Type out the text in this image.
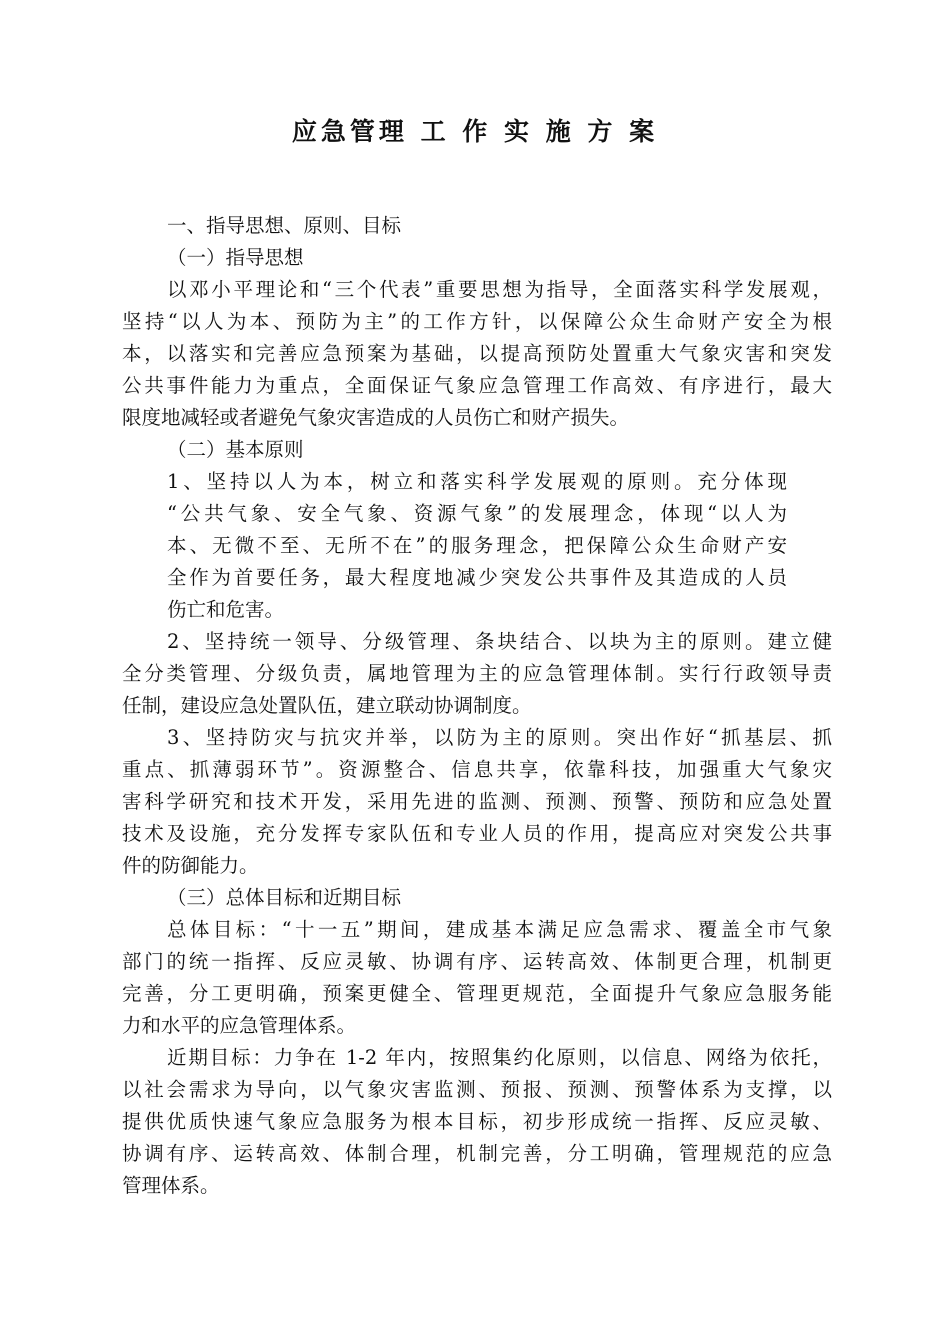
应急管理 工 作 实 施 方 案
一、指导思想、原则、目标
（一）指导思想
以邓小平理论和“三个代表”重要思想为指导，全面落实科学发展观，
坚持“以人为本、预防为主”的工作方针，以保障公众生命财产安全为根
本，以落实和完善应急预案为基础，以提高预防处置重大气象灾害和突发
公共事件能力为重点，全面保证气象应急管理工作高效、有序进行，最大
限度地减轻或者避免气象灾害造成的人员伤亡和财产损失。
（二）基本原则
1、坚持以人为本，树立和落实科学发展观的原则。充分体现
“公共气象、安全气象、资源气象”的发展理念，体现“以人为
本、无微不至、无所不在”的服务理念，把保障公众生命财产安
全作为首要任务，最大程度地减少突发公共事件及其造成的人员
伤亡和危害。
2、坚持统一领导、分级管理、条块结合、以块为主的原则。建立健
全分类管理、分级负责，属地管理为主的应急管理体制。实行行政领导责
任制，建设应急处置队伍，建立联动协调制度。
3、坚持防灾与抗灾并举，以防为主的原则。突出作好“抓基层、抓
重点、抓薄弱环节”。资源整合、信息共享，依靠科技，加强重大气象灾
害科学研究和技术开发，采用先进的监测、预测、预警、预防和应急处置
技术及设施，充分发挥专家队伍和专业人员的作用，提高应对突发公共事
件的防御能力。
（三）总体目标和近期目标
总体目标：“十一五”期间，建成基本满足应急需求、覆盖全市气象
部门的统一指挥、反应灵敏、协调有序、运转高效、体制更合理，机制更
完善，分工更明确，预案更健全、管理更规范，全面提升气象应急服务能
力和水平的应急管理体系。
近期目标：力争在 1-2 年内，按照集约化原则，以信息、网络为依托，
以社会需求为导向，以气象灾害监测、预报、预测、预警体系为支撑，以
提供优质快速气象应急服务为根本目标，初步形成统一指挥、反应灵敏、
协调有序、运转高效、体制合理，机制完善，分工明确，管理规范的应急
管理体系。
